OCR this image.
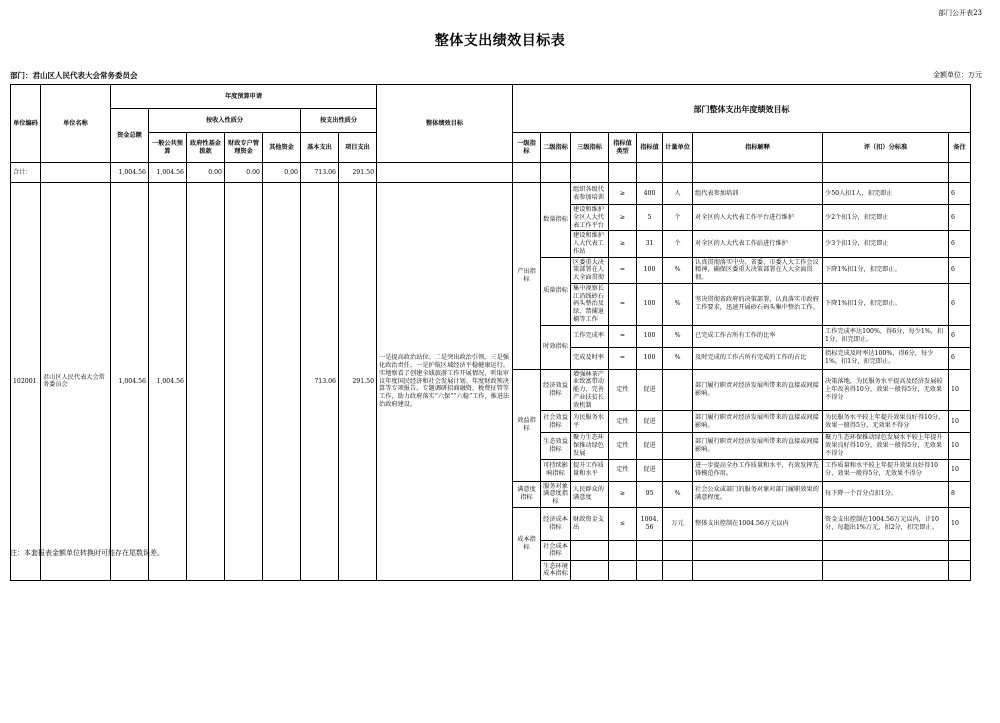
部门公开表23
整体支出绩效目标表
部门：君山区人民代表大会常务委员会	金额单位：万元
单位编码	单位名称	年度预算申请							整体绩效目标	部门整体支出年度绩效目标								
		资金总额	按收入性质分				按支出性质分											
			一般公共预算	政府性基金拨款	财政专户管理资金	其他资金	基本支出	项目支出		一级指标	二级指标	三级指标	指标值类型	指标值	计量单位	指标解释	评（扣）分标准	备注
合计：		1,004.56	1,004.56	0.00	0.00	0.00	713.06	291.50										
102001	君山区人民代表大会常务委员会	1,004.56	1,004.56				713.06	291.50	一是提高政治站位。二是突出政治引领。三是强化政治责任。一是护航区域经济平稳健康运行。实地察看了创建全域旅游工作开展情况，听取审议年度国民经济和社会发展计划、年度财政预决算等专项报告，专题调研招商融资、税费征管等工作，助力政府落实“六保”“六稳”工作，推进法治政府建设。	产出指标	数量指标	组织各级代表参加培训	≥	400	人	组代表参加培训	少50人扣1人，扣完即止	6
												建设和维护全区人大代表工作平台	≥	5	个	对全区的人大代表工作平台进行维护	少2个扣1分，扣完即止	6
												建设和维护人大代表工作站	≥	31	个	对全区的人大代表工作站进行维护	少3个扣1分，扣完即止	6
											质量指标	区委重大决策部署在人大全面贯彻	=	100	%	认真贯彻落实中央、省委、市委人大工作会议精神，确保区委重大决策部署在人大全面贯彻。	下降1%扣1分，扣完即止。	6
												集中视察长江沿线砂石码头整治及绿、禁捕退捕等工作	=	100	%	坚决贯彻省政府的决策部署，认真落实市政府工作要求，迅速开展砂石码头集中整治工作。	下降1%扣1分，扣完即止。	6
											时效指标	工作完成率	=	100	%	已完成工作占所有工作的比率	工作完成率达100%，得6分，每少1%，扣1分，扣完即止。	6
												完成及时率	=	100	%	及时完成的工作占所有完成的工作的占比	指标完成及时率达100%，得6分，每少1%，扣1分，扣完即止。	6
										效益指标	经济效益指标	增强林茶产业致富带动能力，完善产业扶贫长效机制	定性	促进		部门履行职责对经济发展所带来的直接或间接影响。	决策落地，为民服务水平提高及经济发展较上年改善得10分，效果一般得5分，无效果不得分	10
											社会效益指标	为民服务水平	定性	促进		部门履行职责对经济发展所带来的直接或间接影响。	为民服务水平较上年提升效果良好得10分，效果一般得5分，无效果不得分	10
											生态效益指标	聚力生态环保推动绿色发展	定性	促进		部门履行职责对经济发展所带来的直接或间接影响。	聚力生态环保推动绿色发展水平较上年提升效果良好得10分，效果一般得5分，无效果不得分	10
											可持续影响指标	提升工作质量和水平	定性	促进		进一步提高全办工作质量和水平，有效发挥先锋模范作用。	工作质量和水平较上年提升效果良好得10分，效果一般得5分，无效果不得分	10
										满意度指标	服务对象满意度指标	人民群众的满意度	≥	95	%	社会公众或部门的服务对象对部门履职效果的满意程度。	每下降一个百分点扣1分。	8
										成本指标	经济成本指标	财政资金支出	≤	1004.56	万元	整体支出控制在1004.56万元以内	资金支出控制在1004.56万元以内，计10分，每超出1%万元，扣2分，扣完即止。	10
											社会成本指标							
											生态环境成本指标							
注：本套报表金额单位转换时可能存在尾数误差。
